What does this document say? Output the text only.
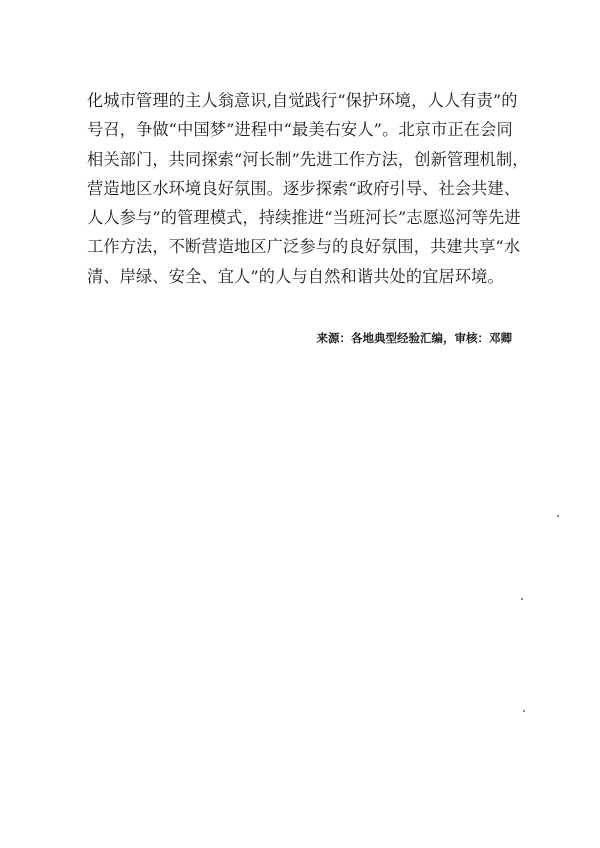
化城市管理的主人翁意识,自觉践行“保护环境，人人有责”的
号召，争做“中国梦”进程中“最美右安人”。北京市正在会同
相关部门，共同探索“河长制”先进工作方法，创新管理机制，
营造地区水环境良好氛围。逐步探索“政府引导、社会共建、
人人参与”的管理模式，持续推进“当班河长”志愿巡河等先进
工作方法，不断营造地区广泛参与的良好氛围，共建共享“水
清、岸绿、安全、宜人”的人与自然和谐共处的宜居环境。
来源：各地典型经验汇编，审核：邓卿
